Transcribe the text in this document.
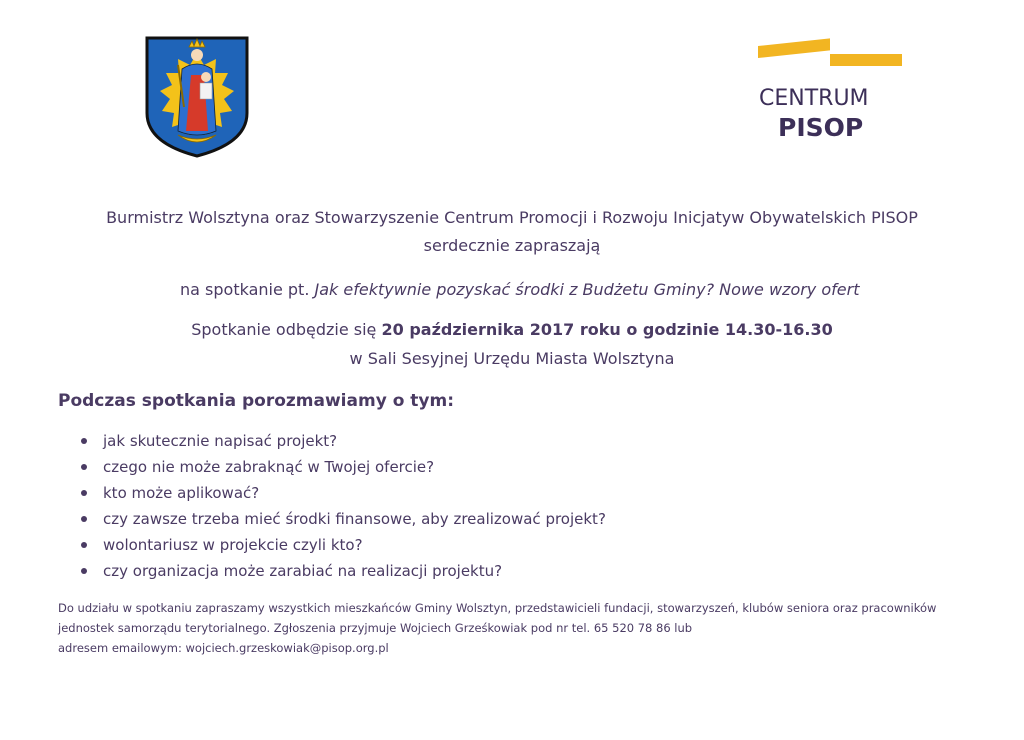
CENTRUM
PISOP
Burmistrz Wolsztyna oraz Stowarzyszenie Centrum Promocji i Rozwoju Inicjatyw Obywatelskich PISOP
serdecznie zapraszają
na spotkanie pt. Jak efektywnie pozyskać środki z Budżetu Gminy? Nowe wzory ofert
Spotkanie odbędzie się 20 października 2017 roku o godzinie 14.30-16.30
w Sali Sesyjnej Urzędu Miasta Wolsztyna
Podczas spotkania porozmawiamy o tym:
jak skutecznie napisać projekt?
czego nie może zabraknąć w Twojej ofercie?
kto może aplikować?
czy zawsze trzeba mieć środki finansowe, aby zrealizować projekt?
wolontariusz w projekcie czyli kto?
czy organizacja może zarabiać na realizacji projektu?
Do udziału w spotkaniu zapraszamy wszystkich mieszkańców Gminy Wolsztyn, przedstawicieli fundacji, stowarzyszeń, klubów seniora oraz pracowników
jednostek samorządu terytorialnego. Zgłoszenia przyjmuje Wojciech Grześkowiak pod nr tel. 65 520 78 86 lub
adresem emailowym: wojciech.grzeskowiak@pisop.org.pl
